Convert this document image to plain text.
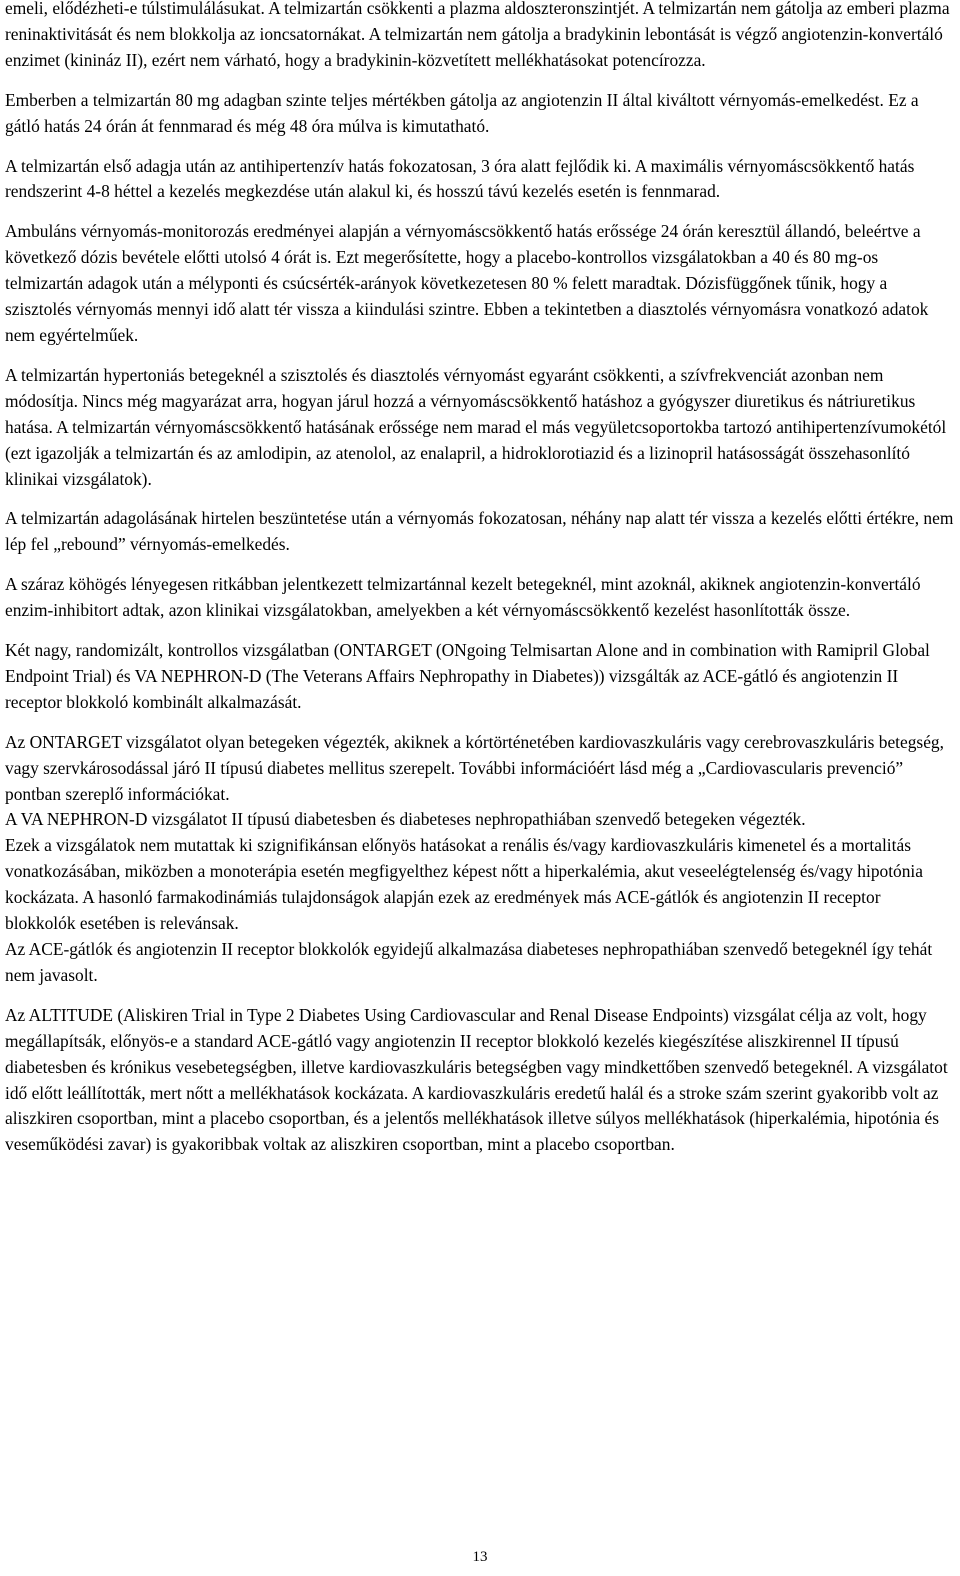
emeli, elődézheti-e túlstimulálásukat. A telmizartán csökkenti a plazma aldoszteronszintjét. A telmizartán nem gátolja az emberi plazma reninaktivitását és nem blokkolja az ioncsatornákat. A telmizartán nem gátolja a bradykinin lebontását is végző angiotenzin-konvertáló enzimet (kinináz II), ezért nem várható, hogy a bradykinin-közvetített mellékhatásokat potencírozza.

Emberben a telmizartán 80 mg adagban szinte teljes mértékben gátolja az angiotenzin II által kiváltott vérnyomás-emelkedést. Ez a gátló hatás 24 órán át fennmarad és még 48 óra múlva is kimutatható.

A telmizartán első adagja után az antihipertenzív hatás fokozatosan, 3 óra alatt fejlődik ki. A maximális vérnyomáscsökkentő hatás rendszerint 4-8 héttel a kezelés megkezdése után alakul ki, és hosszú távú kezelés esetén is fennmarad.

Ambuláns vérnyomás-monitorozás eredményei alapján a vérnyomáscsökkentő hatás erőssége 24 órán keresztül állandó, beleértve a következő dózis bevétele előtti utolsó 4 órát is. Ezt megerősítette, hogy a placebo-kontrollos vizsgálatokban a 40 és 80 mg-os telmizartán adagok után a mélyponti és csúcsérték-arányok következetesen 80 % felett maradtak. Dózisfüggőnek tűnik, hogy a szisztolés vérnyomás mennyi idő alatt tér vissza a kiindulási szintre. Ebben a tekintetben a diasztolés vérnyomásra vonatkozó adatok nem egyértelműek.

A telmizartán hypertoniás betegeknél a szisztolés és diasztolés vérnyomást egyaránt csökkenti, a szívfrekvenciát azonban nem módosítja. Nincs még magyarázat arra, hogyan járul hozzá a vérnyomáscsökkentő hatáshoz a gyógyszer diuretikus és nátriuretikus hatása. A telmizartán vérnyomáscsökkentő hatásának erőssége nem marad el más vegyületcsoportokba tartozó antihipertenzívumokétól (ezt igazolják a telmizartán és az amlodipin, az atenolol, az enalapril, a hidroklorotiazid és a lizinopril hatásosságát összehasonlító klinikai vizsgálatok).

A telmizartán adagolásának hirtelen beszüntetése után a vérnyomás fokozatosan, néhány nap alatt tér vissza a kezelés előtti értékre, nem lép fel „rebound” vérnyomás-emelkedés.

A száraz köhögés lényegesen ritkábban jelentkezett telmizartánnal kezelt betegeknél, mint azoknál, akiknek angiotenzin-konvertáló enzim-inhibitort adtak, azon klinikai vizsgálatokban, amelyekben a két vérnyomáscsökkentő kezelést hasonlították össze.

Két nagy, randomizált, kontrollos vizsgálatban (ONTARGET (ONgoing Telmisartan Alone and in combination with Ramipril Global Endpoint Trial) és VA NEPHRON-D (The Veterans Affairs Nephropathy in Diabetes)) vizsgálták az ACE-gátló és angiotenzin II receptor blokkoló kombinált alkalmazását.

Az ONTARGET vizsgálatot olyan betegeken végezték, akiknek a kórtörténetében kardiovaszkuláris vagy cerebrovaszkuláris betegség, vagy szervkárosodással járó II típusú diabetes mellitus szerepelt. További információért lásd még a „Cardiovascularis prevenció” pontban szereplő információkat.

A VA NEPHRON-D vizsgálatot II típusú diabetesben és diabeteses nephropathiában szenvedő betegeken végezték.

Ezek a vizsgálatok nem mutattak ki szignifikánsan előnyös hatásokat a renális és/vagy kardiovaszkuláris kimenetel és a mortalitás vonatkozásában, miközben a monoterápia esetén megfigyelthez képest nőtt a hiperkalémia, akut veseelégtelenség és/vagy hipotónia kockázata. A hasonló farmakodinámiás tulajdonságok alapján ezek az eredmények más ACE-gátlók és angiotenzin II receptor blokkolók esetében is relevánsak.

Az ACE-gátlók és angiotenzin II receptor blokkolók egyidejű alkalmazása diabeteses nephropathiában szenvedő betegeknél így tehát nem javasolt.

Az ALTITUDE (Aliskiren Trial in Type 2 Diabetes Using Cardiovascular and Renal Disease Endpoints) vizsgálat célja az volt, hogy megállapítsák, előnyös-e a standard ACE-gátló vagy angiotenzin II receptor blokkoló kezelés kiegészítése aliszkirennel II típusú diabetesben és krónikus vesebetegségben, illetve kardiovaszkuláris betegségben vagy mindkettőben szenvedő betegeknél. A vizsgálatot idő előtt leállították, mert nőtt a mellékhatások kockázata. A kardiovaszkuláris eredetű halál és a stroke szám szerint gyakoribb volt az aliszkiren csoportban, mint a placebo csoportban, és a jelentős mellékhatások illetve súlyos mellékhatások (hiperkalémia, hipotónia és veseműködési zavar) is gyakoribbak voltak az aliszkiren csoportban, mint a placebo csoportban.

13
